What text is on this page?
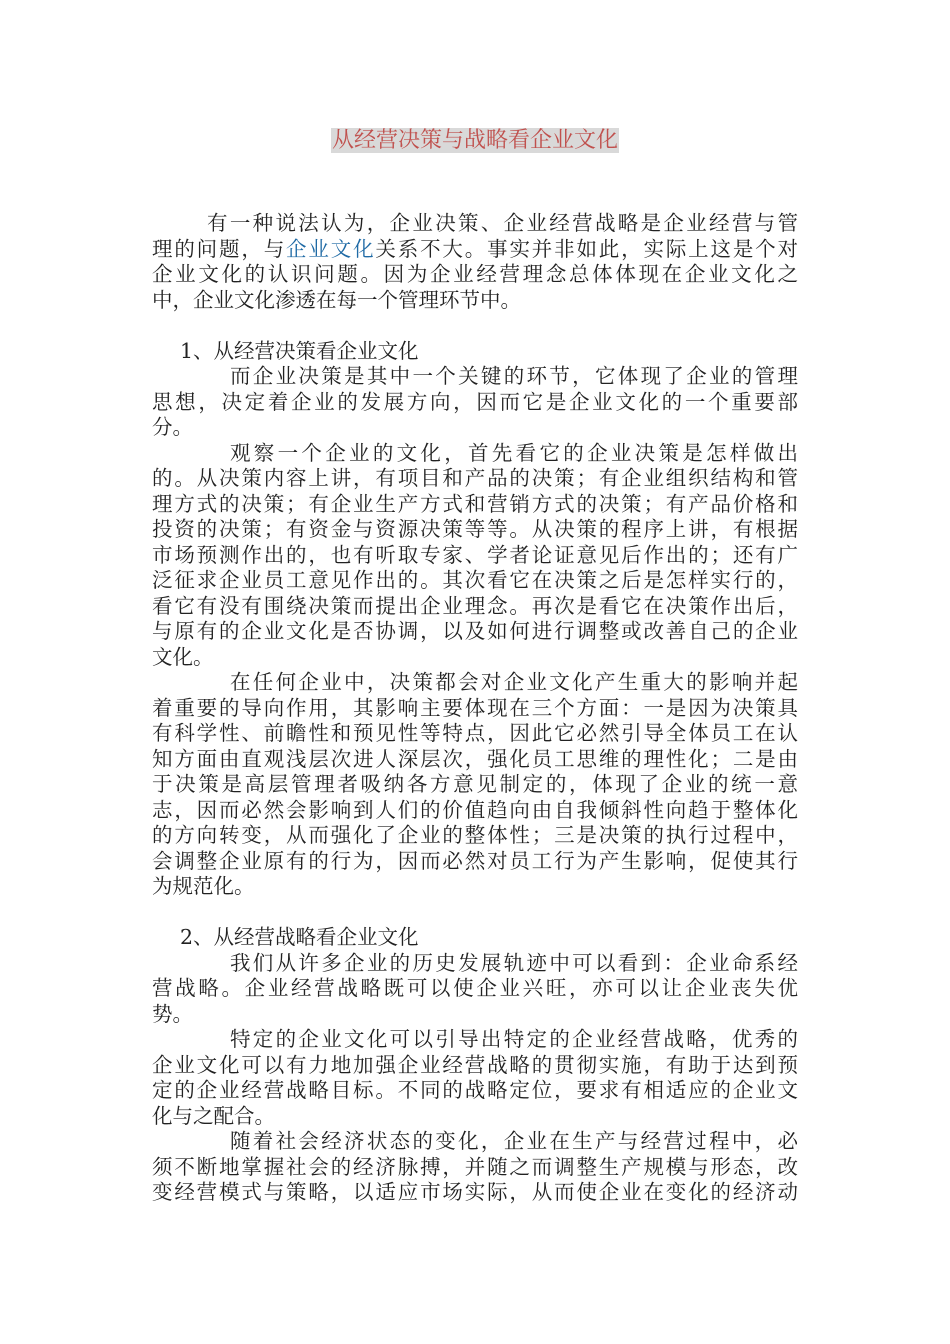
从经营决策与战略看企业文化
有一种说法认为，企业决策、企业经营战略是企业经营与管
理的问题，与企业文化关系不大。事实并非如此，实际上这是个对
企业文化的认识问题。因为企业经营理念总体体现在企业文化之
中，企业文化渗透在每一个管理环节中。
1、从经营决策看企业文化
而企业决策是其中一个关键的环节，它体现了企业的管理
思想，决定着企业的发展方向，因而它是企业文化的一个重要部
分。
观察一个企业的文化，首先看它的企业决策是怎样做出
的。从决策内容上讲，有项目和产品的决策；有企业组织结构和管
理方式的决策；有企业生产方式和营销方式的决策；有产品价格和
投资的决策；有资金与资源决策等等。从决策的程序上讲，有根据
市场预测作出的，也有听取专家、学者论证意见后作出的；还有广
泛征求企业员工意见作出的。其次看它在决策之后是怎样实行的，
看它有没有围绕决策而提出企业理念。再次是看它在决策作出后，
与原有的企业文化是否协调，以及如何进行调整或改善自己的企业
文化。
在任何企业中，决策都会对企业文化产生重大的影响并起
着重要的导向作用，其影响主要体现在三个方面：一是因为决策具
有科学性、前瞻性和预见性等特点，因此它必然引导全体员工在认
知方面由直观浅层次进人深层次，强化员工思维的理性化；二是由
于决策是高层管理者吸纳各方意见制定的，体现了企业的统一意
志，因而必然会影响到人们的价值趋向由自我倾斜性向趋于整体化
的方向转变，从而强化了企业的整体性；三是决策的执行过程中，
会调整企业原有的行为，因而必然对员工行为产生影响，促使其行
为规范化。
2、从经营战略看企业文化
我们从许多企业的历史发展轨迹中可以看到：企业命系经
营战略。企业经营战略既可以使企业兴旺，亦可以让企业丧失优
势。
特定的企业文化可以引导出特定的企业经营战略，优秀的
企业文化可以有力地加强企业经营战略的贯彻实施，有助于达到预
定的企业经营战略目标。不同的战略定位，要求有相适应的企业文
化与之配合。
随着社会经济状态的变化，企业在生产与经营过程中，必
须不断地掌握社会的经济脉搏，并随之而调整生产规模与形态，改
变经营模式与策略，以适应市场实际，从而使企业在变化的经济动
